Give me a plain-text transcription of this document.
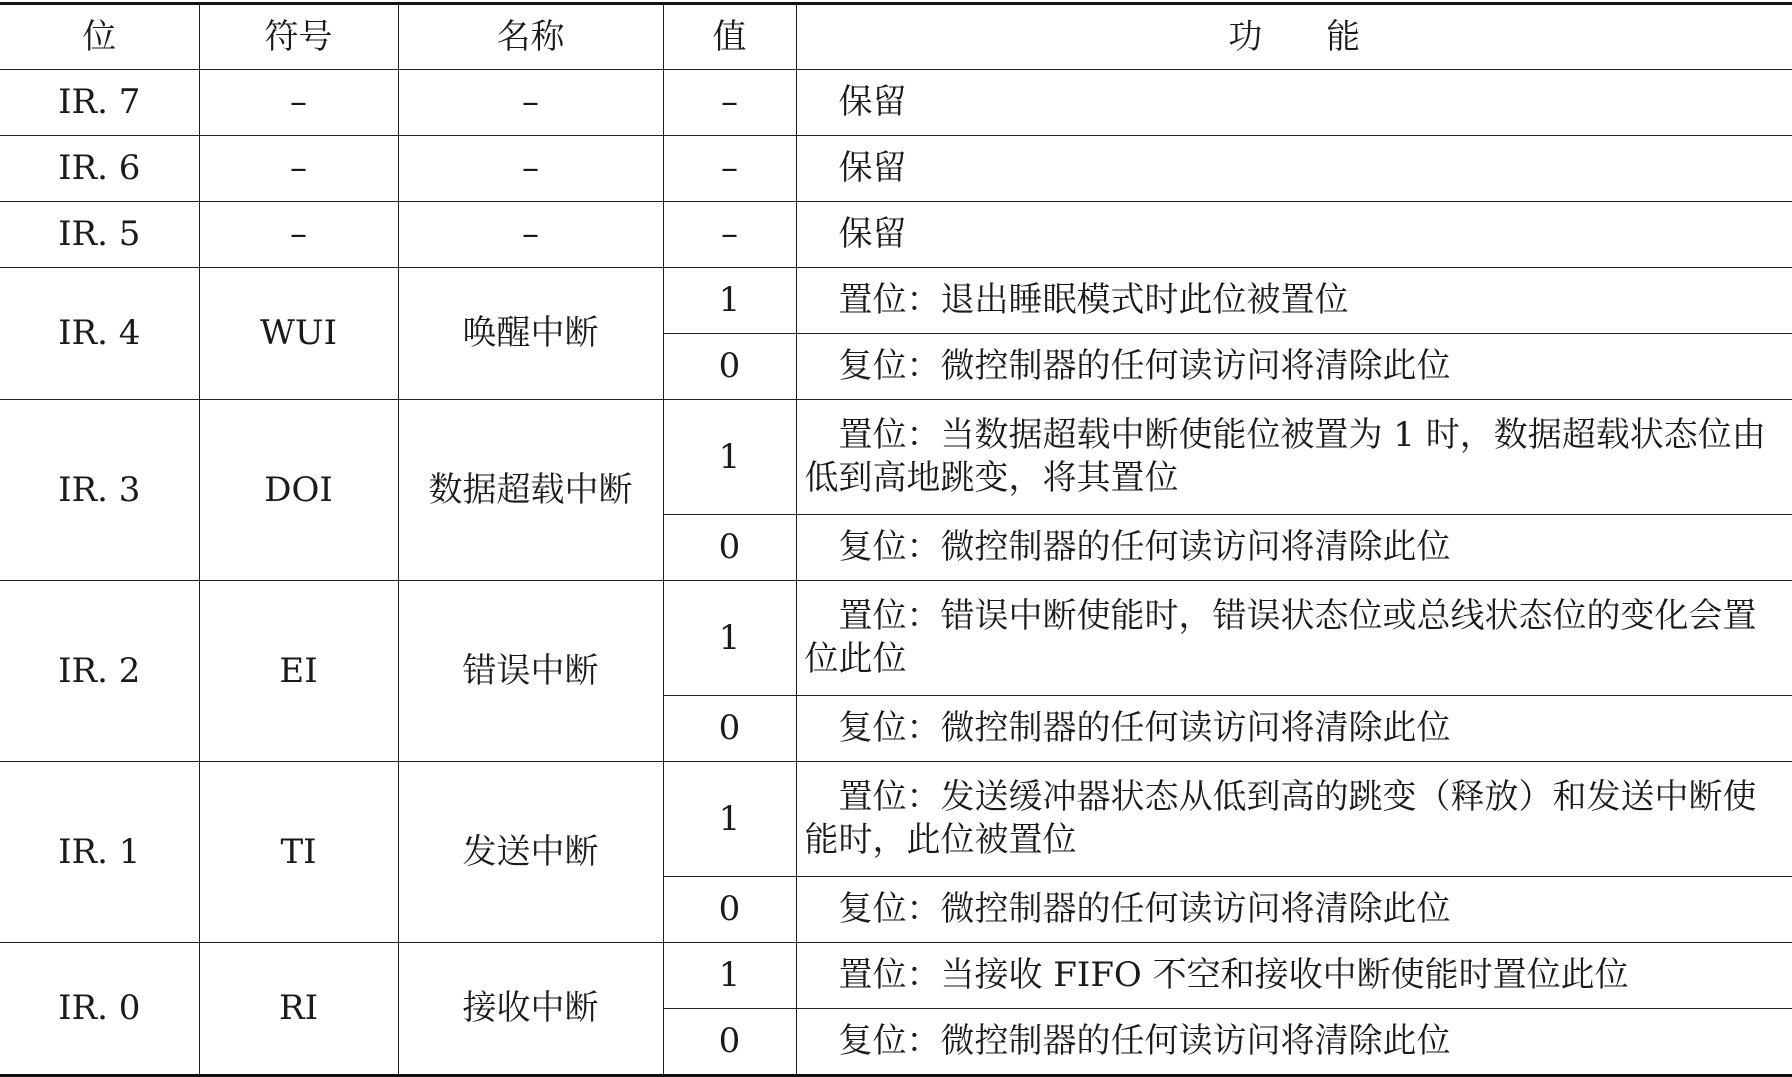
位	符号	名称	值	功能
IR. 7	–	–	–	保留
IR. 6	–	–	–	保留
IR. 5	–	–	–	保留
IR. 4	WUI	唤醒中断	1	置位：退出睡眠模式时此位被置位
			0	复位：微控制器的任何读访问将清除此位
IR. 3	DOI	数据超载中断	1	置位：当数据超载中断使能位被置为 1 时，数据超载状态位由低到高地跳变，将其置位
			0	复位：微控制器的任何读访问将清除此位
IR. 2	EI	错误中断	1	置位：错误中断使能时，错误状态位或总线状态位的变化会置位此位
			0	复位：微控制器的任何读访问将清除此位
IR. 1	TI	发送中断	1	置位：发送缓冲器状态从低到高的跳变（释放）和发送中断使能时，此位被置位
			0	复位：微控制器的任何读访问将清除此位
IR. 0	RI	接收中断	1	置位：当接收 FIFO 不空和接收中断使能时置位此位
			0	复位：微控制器的任何读访问将清除此位
